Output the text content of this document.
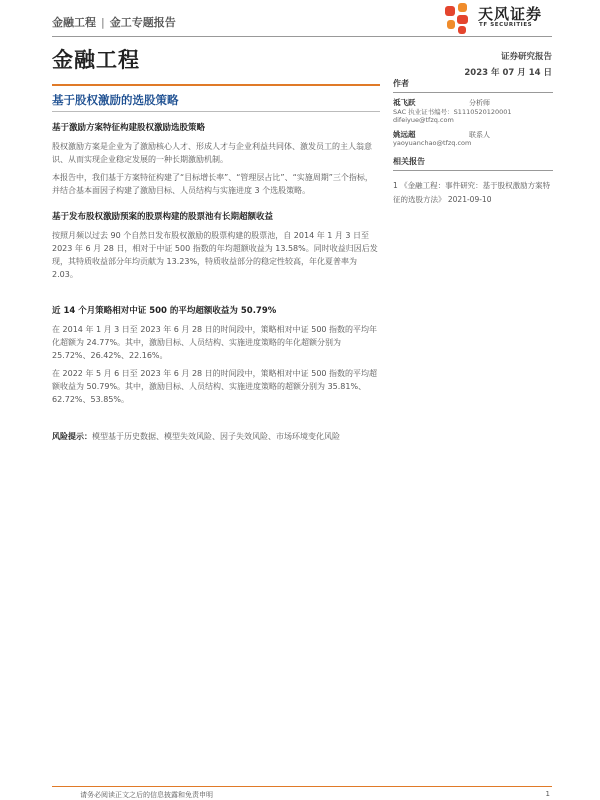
金融工程 | 金工专题报告	天风证券
TF SECURITIES
金融工程	证券研究报告
2023 年 07 月 14 日
基于股权激励的选股策略
基于激励方案特征构建股权激励选股策略
股权激励方案是企业为了激励核心人才、形成人才与企业利益共同体、激发员工的主人翁意识、从而实现企业稳定发展的一种长期激励机制。
本报告中，我们基于方案特征构建了“目标增长率”、“管理层占比”、“实施周期”三个指标，并结合基本面因子构建了激励目标、人员结构与实施进度 3 个选股策略。
基于发布股权激励预案的股票构建的股票池有长期超额收益
按照月频以过去 90 个自然日发布股权激励的股票构建的股票池，自 2014 年 1 月 3 日至 2023 年 6 月 28 日，相对于中证 500 指数的年均超额收益为 13.58%。同时收益归因后发现，其特质收益部分年均贡献为 13.23%，特质收益部分的稳定性较高，年化夏普率为 2.03。
近 14 个月策略相对中证 500 的平均超额收益为 50.79%
在 2014 年 1 月 3 日至 2023 年 6 月 28 日的时间段中，策略相对中证 500 指数的平均年化超额为 24.77%。其中，激励目标、人员结构、实施进度策略的年化超额分别为 25.72%、26.42%、22.16%。
在 2022 年 5 月 6 日至 2023 年 6 月 28 日的时间段中，策略相对中证 500 指数的平均超额收益为 50.79%。其中，激励目标、人员结构、实施进度策略的超额分别为 35.81%、62.72%、53.85%。
风险提示：模型基于历史数据、模型失效风险、因子失效风险、市场环境变化风险
作者
祗飞跃	分析师
SAC 执业证书编号：S1110520120001
difeiyue@tfzq.com
姚远超	联系人
yaoyuanchao@tfzq.com
相关报告
1 《金融工程：事件研究：基于股权激励方案特征的选股方法》 2021-09-10
请务必阅读正文之后的信息披露和免责申明	1
